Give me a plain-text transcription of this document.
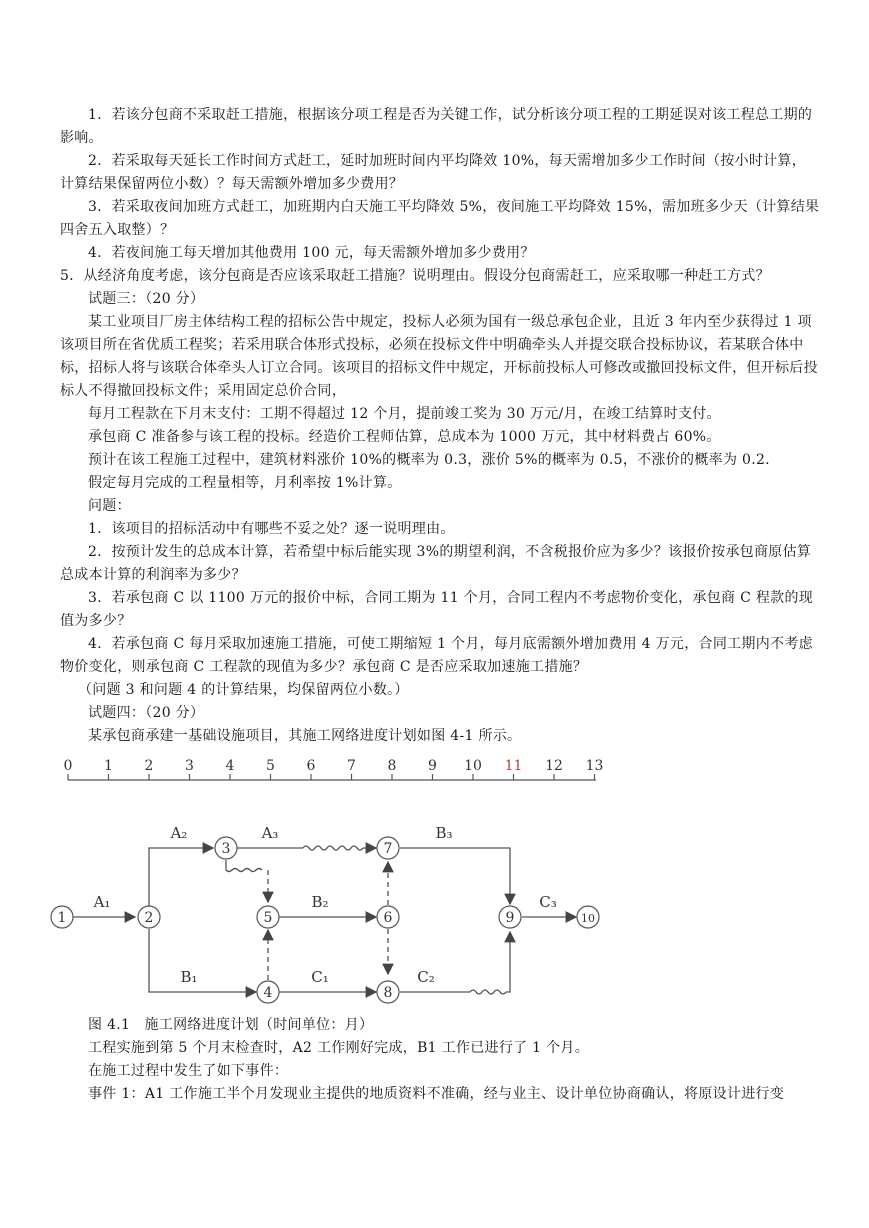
1．若该分包商不采取赶工措施，根据该分项工程是否为关键工作，试分析该分项工程的工期延误对该工程总工期的影响。
2．若采取每天延长工作时间方式赶工，延时加班时间内平均降效 10%，每天需增加多少工作时间（按小时计算，计算结果保留两位小数）？每天需额外增加多少费用？
3．若采取夜间加班方式赶工，加班期内白天施工平均降效 5%，夜间施工平均降效 15%，需加班多少天（计算结果四舍五入取整）？
4．若夜间施工每天增加其他费用 100 元，每天需额外增加多少费用？
5．从经济角度考虑，该分包商是否应该采取赶工措施？说明理由。假设分包商需赶工，应采取哪一种赶工方式？
试题三：（20 分）
某工业项目厂房主体结构工程的招标公告中规定，投标人必须为国有一级总承包企业，且近 3 年内至少获得过 1 项该项目所在省优质工程奖；若采用联合体形式投标，必须在投标文件中明确牵头人并提交联合投标协议，若某联合体中标，招标人将与该联合体牵头人订立合同。该项目的招标文件中规定，开标前投标人可修改或撤回投标文件，但开标后投标人不得撤回投标文件；采用固定总价合同，
每月工程款在下月末支付：工期不得超过 12 个月，提前竣工奖为 30 万元/月，在竣工结算时支付。
承包商 C 准备参与该工程的投标。经造价工程师估算，总成本为 1000 万元，其中材料费占 60%。
预计在该工程施工过程中，建筑材料涨价 10%的概率为 0.3，涨价 5%的概率为 0.5，不涨价的概率为 0.2.
假定每月完成的工程量相等，月利率按 1%计算。
问题：
1．该项目的招标活动中有哪些不妥之处？逐一说明理由。
2．按预计发生的总成本计算，若希望中标后能实现 3%的期望利润，不含税报价应为多少？该报价按承包商原估算总成本计算的利润率为多少？
3．若承包商 C 以 1100 万元的报价中标，合同工期为 11 个月，合同工程内不考虑物价变化，承包商 C 程款的现值为多少？
4．若承包商 C 每月采取加速施工措施，可使工期缩短 1 个月，每月底需额外增加费用 4 万元，合同工期内不考虑物价变化，则承包商 C 工程款的现值为多少？承包商 C 是否应采取加速施工措施？
（问题 3 和问题 4 的计算结果，均保留两位小数。）
试题四：（20 分）
某承包商承建一基础设施项目，其施工网络进度计划如图 4-1 所示。
0 1 2 3 4 5 6 7 8 9 10 11 12 13
1	2
3
4
5	6
7
8
9	10
A₁
A₂	A₃
B₁
B₂
B₃
C₁	C₂
C₃
图 4.1　施工网络进度计划（时间单位：月）
工程实施到第 5 个月末检查时，A2 工作刚好完成，B1 工作已进行了 1 个月。
在施工过程中发生了如下事件：
事件 1：A1 工作施工半个月发现业主提供的地质资料不准确，经与业主、设计单位协商确认，将原设计进行变
